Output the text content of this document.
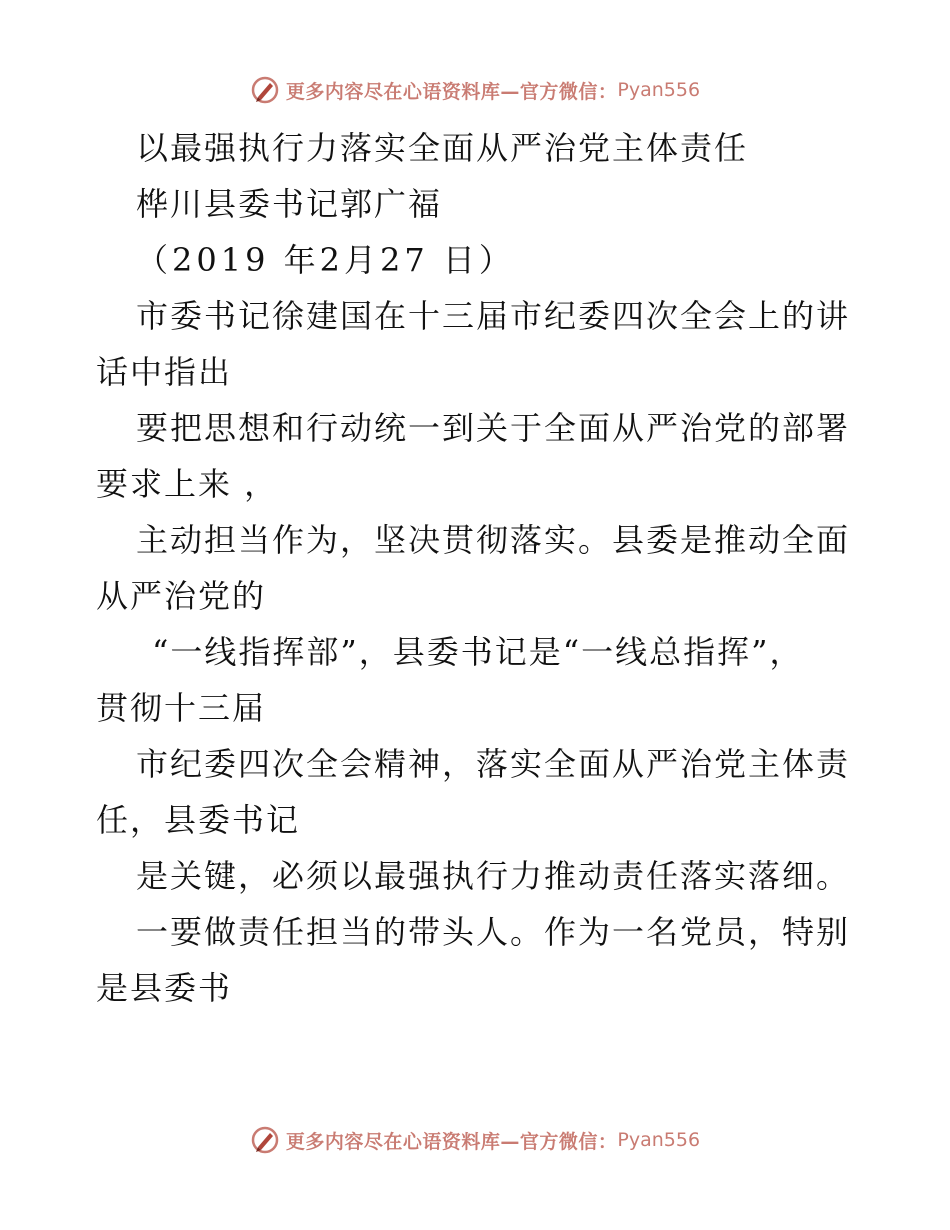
更多内容尽在心语资料库—官方微信： Pyan556
以最强执行力落实全面从严治党主体责任
桦川县委书记郭广福
（2019 年2月27 日）
市委书记徐建国在十三届市纪委四次全会上的讲
话中指出
要把思想和行动统一到关于全面从严治党的部署
要求上来 ，
主动担当作为，坚决贯彻落实。县委是推动全面
从严治党的
“一线指挥部”，县委书记是“一线总指挥”，
贯彻十三届
市纪委四次全会精神，落实全面从严治党主体责
任，县委书记
是关键，必须以最强执行力推动责任落实落细。
一要做责任担当的带头人。作为一名党员，特别
是县委书
更多内容尽在心语资料库—官方微信： Pyan556
